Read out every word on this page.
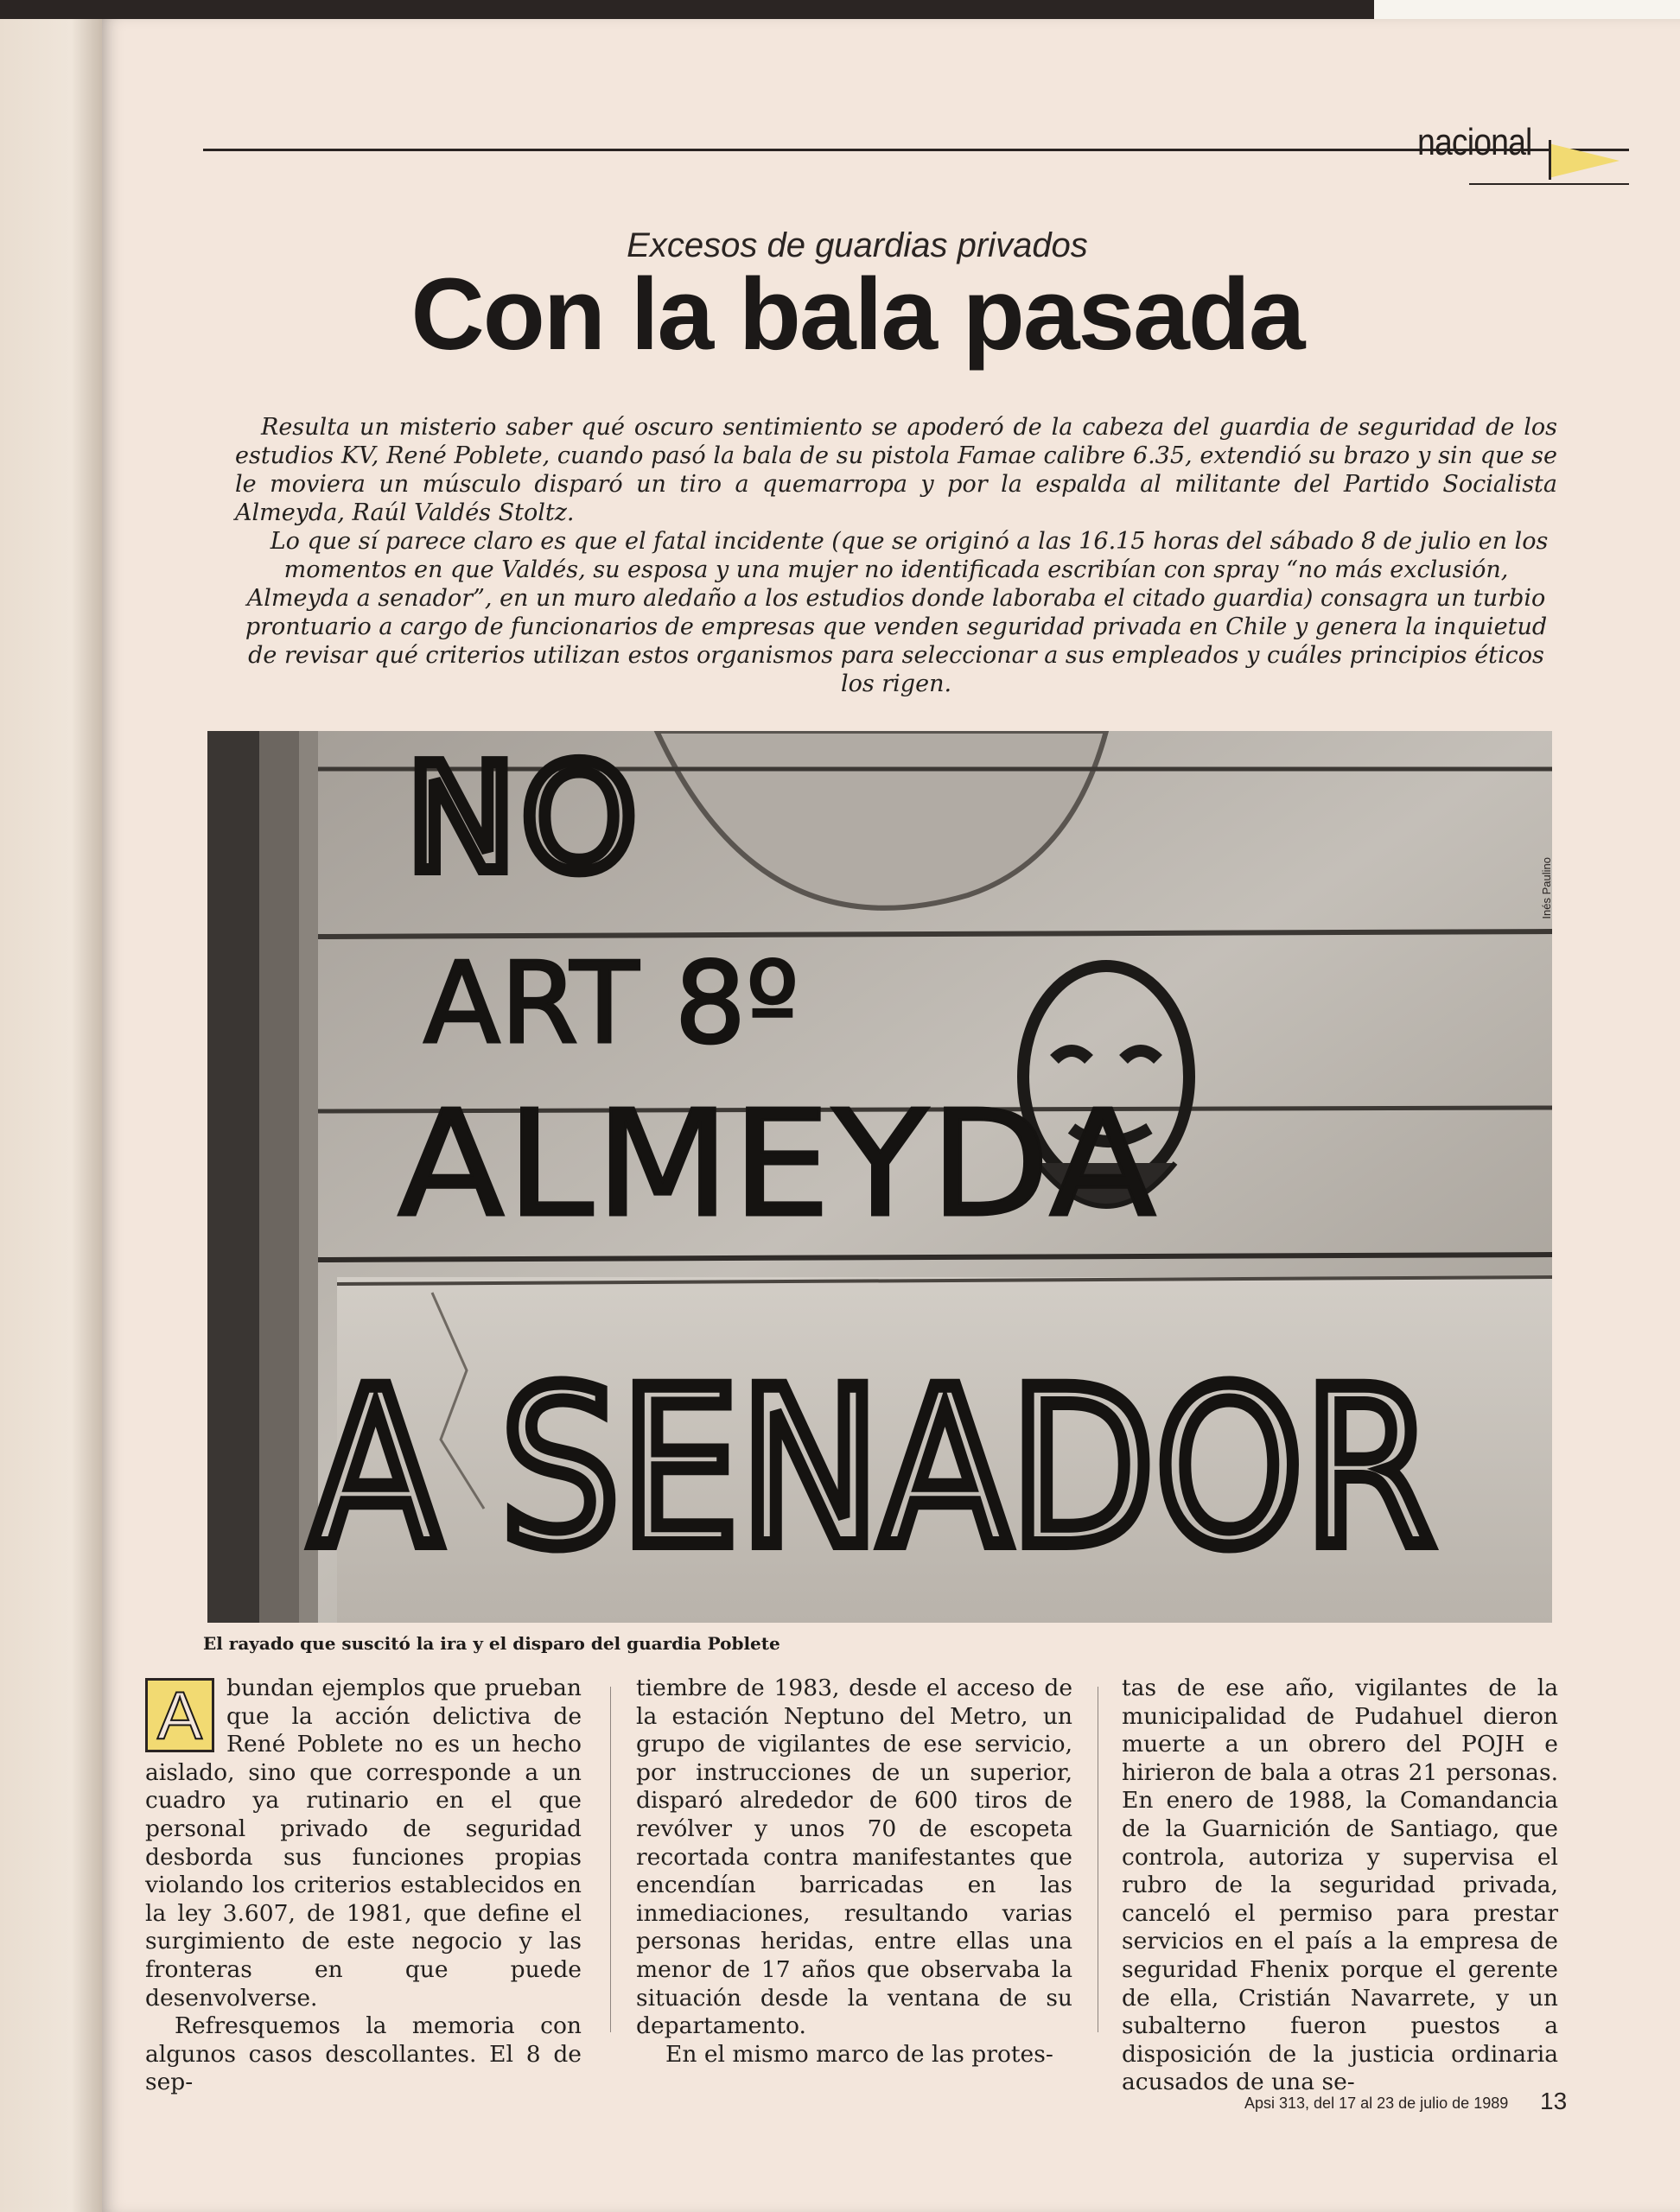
nacional
Excesos de guardias privados
Con la bala pasada

Resulta un misterio saber qué oscuro sentimiento se apoderó de la cabeza del guardia de seguridad de los estudios KV, René Poblete, cuando pasó la bala de su pistola Famae calibre 6.35, extendió su brazo y sin que se le moviera un músculo disparó un tiro a quemarropa y por la espalda al militante del Partido Socialista Almeyda, Raúl Valdés Stoltz.

Lo que sí parece claro es que el fatal incidente (que se originó a las 16.15 horas del sábado 8 de julio en los momentos en que Valdés, su esposa y una mujer no identificada escribían con spray “no más exclusión, Almeyda a senador”, en un muro aledaño a los estudios donde laboraba el citado guardia) consagra un turbio prontuario a cargo de funcionarios de empresas que venden seguridad privada en Chile y genera la inquietud de revisar qué criterios utilizan estos organismos para seleccionar a sus empleados y cuáles principios éticos los rigen.

NO
ART 8º
ALMEYDA
A SENADOR
Inés Paulino
El rayado que suscitó la ira y el disparo del guardia Poblete
A	bundan ejemplos que prueban que la acción delictiva de René Poblete no es un hecho aislado, sino que corresponde a un cuadro ya rutinario en el que personal privado de seguridad desborda sus funciones propias violando los criterios establecidos en la ley 3.607, de 1981, que define el surgimiento de este negocio y las fronteras en que puede desenvolverse.

Refresquemos la memoria con algunos casos descollantes. El 8 de sep-

tiembre de 1983, desde el acceso de la estación Neptuno del Metro, un grupo de vigilantes de ese servicio, por instrucciones de un superior, disparó alrededor de 600 tiros de revólver y unos 70 de escopeta recortada contra manifestantes que encendían barricadas en las inmediaciones, resultando varias personas heridas, entre ellas una menor de 17 años que observaba la situación desde la ventana de su departamento.

En el mismo marco de las protes-

tas de ese año, vigilantes de la municipalidad de Pudahuel dieron muerte a un obrero del POJH e hirieron de bala a otras 21 personas. En enero de 1988, la Comandancia de la Guarnición de Santiago, que controla, autoriza y supervisa el rubro de la seguridad privada, canceló el permiso para prestar servicios en el país a la empresa de seguridad Fhenix porque el gerente de ella, Cristián Navarrete, y un subalterno fueron puestos a disposición de la justicia ordinaria acusados de una se-

Apsi 313, del 17 al 23 de julio de 1989 13
